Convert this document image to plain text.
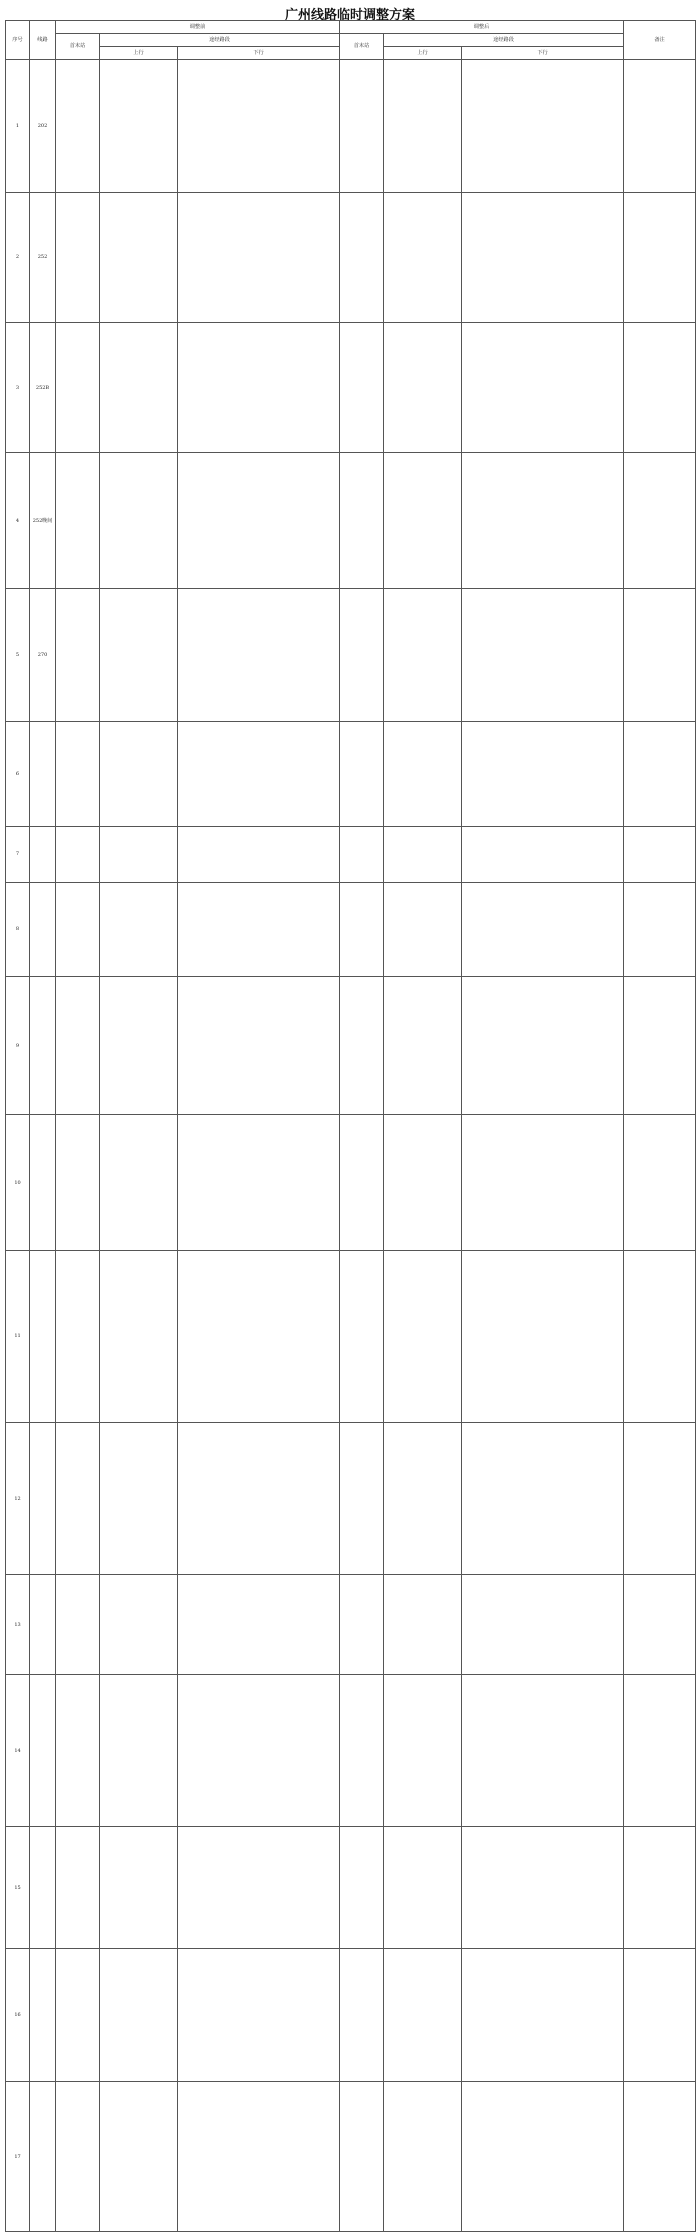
广州线路临时调整方案
序号	线路	调整前			调整后			备注
		首末站	途经路段		首末站	途经路段		
			上行	下行		上行	下行	
1	202							
2	252							
3	252B							
4	252晚间							
5	270							
6								
7								
8								
9								
10								
11								
12								
13								
14								
15								
16								
17								
